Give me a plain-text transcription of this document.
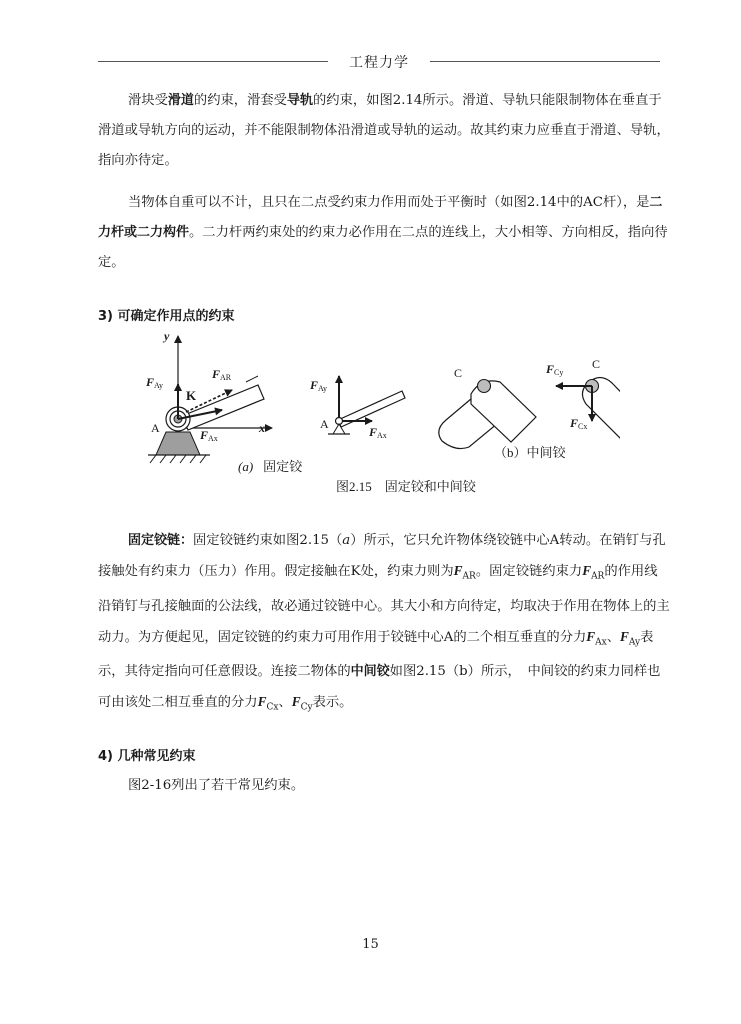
工程力学
滑块受滑道的约束，滑套受导轨的约束，如图2.14所示。滑道、导轨只能限制物体在垂直于滑道或导轨方向的运动，并不能限制物体沿滑道或导轨的运动。故其约束力应垂直于滑道、导轨，指向亦待定。
当物体自重可以不计，且只在二点受约束力作用而处于平衡时（如图2.14中的AC杆），是二力杆或二力构件。二力杆两约束处的约束力必作用在二点的连线上，大小相等、方向相反，指向待定。
3) 可确定作用点的约束
y
x
K
A
FAR
FAy
FAx
(a) 固定铰
A
FAy
FAx
C
C
FCy
FCx
（b）中间铰
图2.15　固定铰和中间铰
固定铰链：固定铰链约束如图2.15（a）所示，它只允许物体绕铰链中心A转动。在销钉与孔接触处有约束力（压力）作用。假定接触在K处，约束力则为$F_{AR}$。固定铰链约束力$F_{AR}$的作用线沿销钉与孔接触面的公法线，故必通过铰链中心。其大小和方向待定，均取决于作用在物体上的主动力。为方便起见，固定铰链的约束力可用作用于铰链中心A的二个相互垂直的分力$F_{Ax}$、$F_{Ay}$表示，其待定指向可任意假设。连接二物体的中间铰如图2.15（b）所示，　中间铰的约束力同样也可由该处二相互垂直的分力$F_{Cx}$、$F_{Cy}$表示。
4) 几种常见约束
图2-16列出了若干常见约束。
15
